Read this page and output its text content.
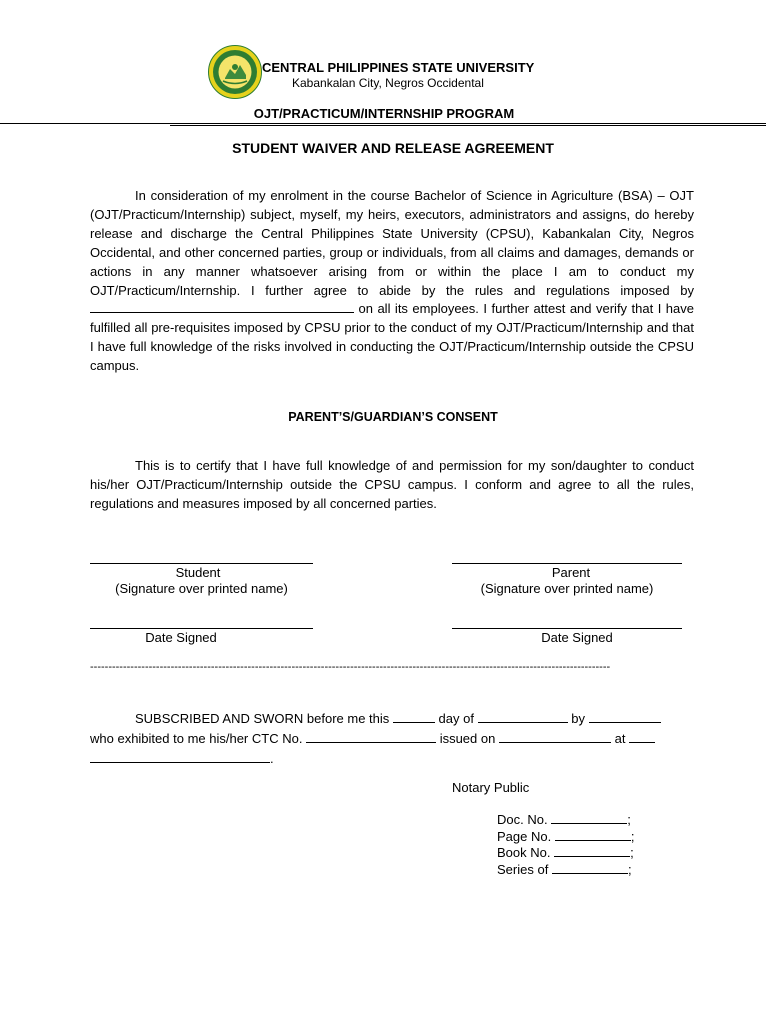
CENTRAL PHILIPPINES STATE UNIVERSITY
Kabankalan City, Negros Occidental
OJT/PRACTICUM/INTERNSHIP PROGRAM
STUDENT WAIVER AND RELEASE AGREEMENT
In consideration of my enrolment in the course Bachelor of Science in Agriculture (BSA) – OJT (OJT/Practicum/Internship) subject, myself, my heirs, executors, administrators and assigns, do hereby release and discharge the Central Philippines State University (CPSU), Kabankalan City, Negros Occidental, and other concerned parties, group or individuals, from all claims and damages, demands or actions in any manner whatsoever arising from or within the place I am to conduct my OJT/Practicum/Internship. I further agree to abide by the rules and regulations imposed by  on all its employees. I further attest and verify that I have fulfilled all pre-requisites imposed by CPSU prior to the conduct of my OJT/Practicum/Internship and that I have full knowledge of the risks involved in conducting the OJT/Practicum/Internship outside the CPSU campus.
PARENT’S/GUARDIAN’S CONSENT
This is to certify that I have full knowledge of and permission for my son/daughter to conduct his/her OJT/Practicum/Internship outside the CPSU campus. I conform and agree to all the rules, regulations and measures imposed by all concerned parties.
Student
(Signature over printed name)
Parent
(Signature over printed name)
Date Signed	Date Signed
----------------------------------------------------------------------------------------------------------------------------------------------
SUBSCRIBED AND SWORN before me this	day of	by
who exhibited to me his/her CTC No.	issued on	at
.
Notary Public
Doc. No.	;
Page No.	;
Book No.	;
Series of	;
